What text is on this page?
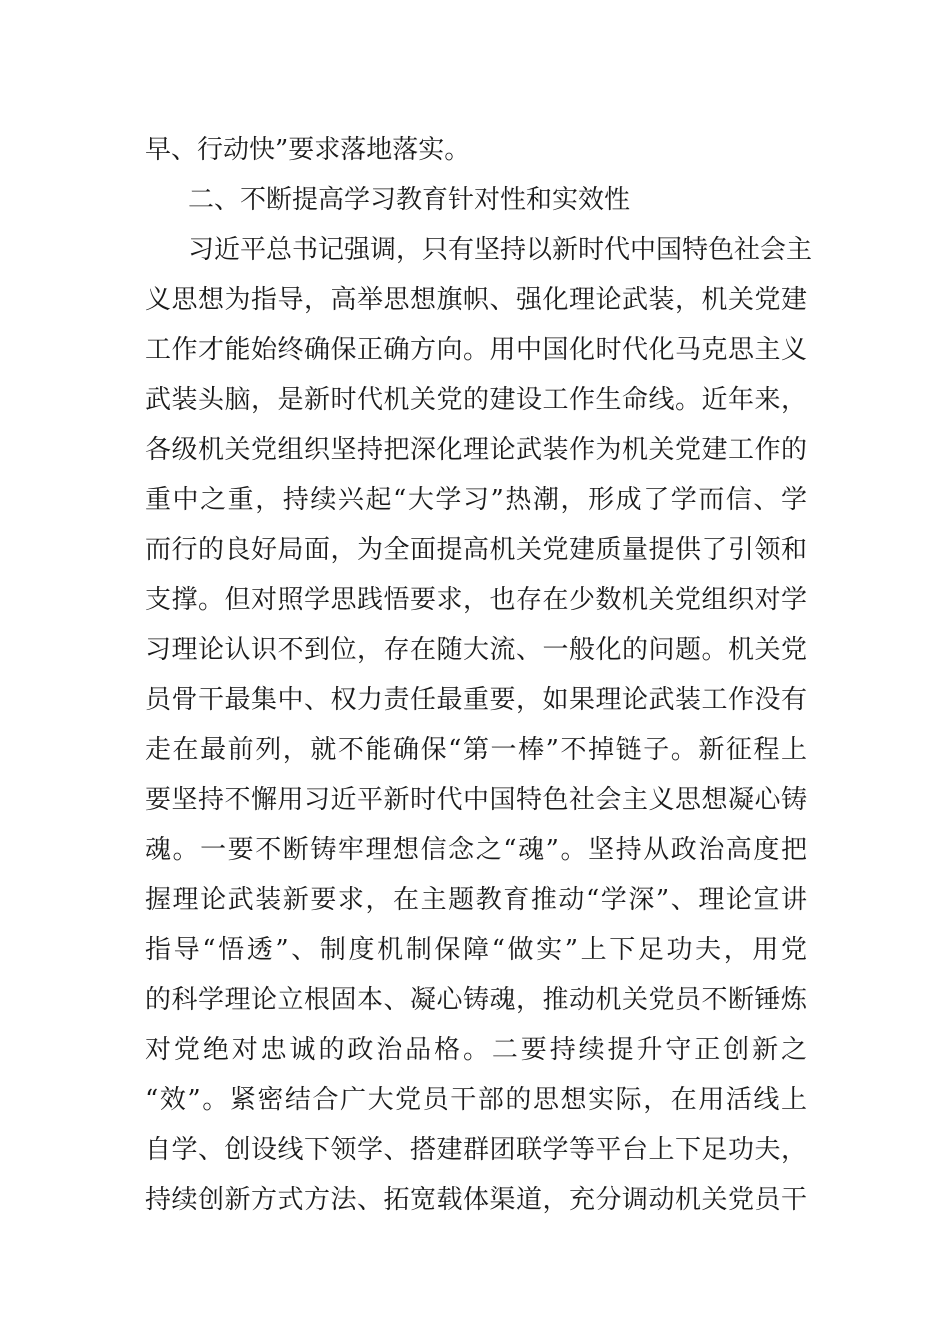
早、行动快”要求落地落实。
二、不断提高学习教育针对性和实效性
习近平总书记强调，只有坚持以新时代中国特色社会主
义思想为指导，高举思想旗帜、强化理论武装，机关党建
工作才能始终确保正确方向。用中国化时代化马克思主义
武装头脑，是新时代机关党的建设工作生命线。近年来，
各级机关党组织坚持把深化理论武装作为机关党建工作的
重中之重，持续兴起“大学习”热潮，形成了学而信、学
而行的良好局面，为全面提高机关党建质量提供了引领和
支撑。但对照学思践悟要求，也存在少数机关党组织对学
习理论认识不到位，存在随大流、一般化的问题。机关党
员骨干最集中、权力责任最重要，如果理论武装工作没有
走在最前列，就不能确保“第一棒”不掉链子。新征程上
要坚持不懈用习近平新时代中国特色社会主义思想凝心铸
魂。一要不断铸牢理想信念之“魂”。坚持从政治高度把
握理论武装新要求，在主题教育推动“学深”、理论宣讲
指导“悟透”、制度机制保障“做实”上下足功夫，用党
的科学理论立根固本、凝心铸魂，推动机关党员不断锤炼
对党绝对忠诚的政治品格。二要持续提升守正创新之
“效”。紧密结合广大党员干部的思想实际，在用活线上
自学、创设线下领学、搭建群团联学等平台上下足功夫，
持续创新方式方法、拓宽载体渠道，充分调动机关党员干
